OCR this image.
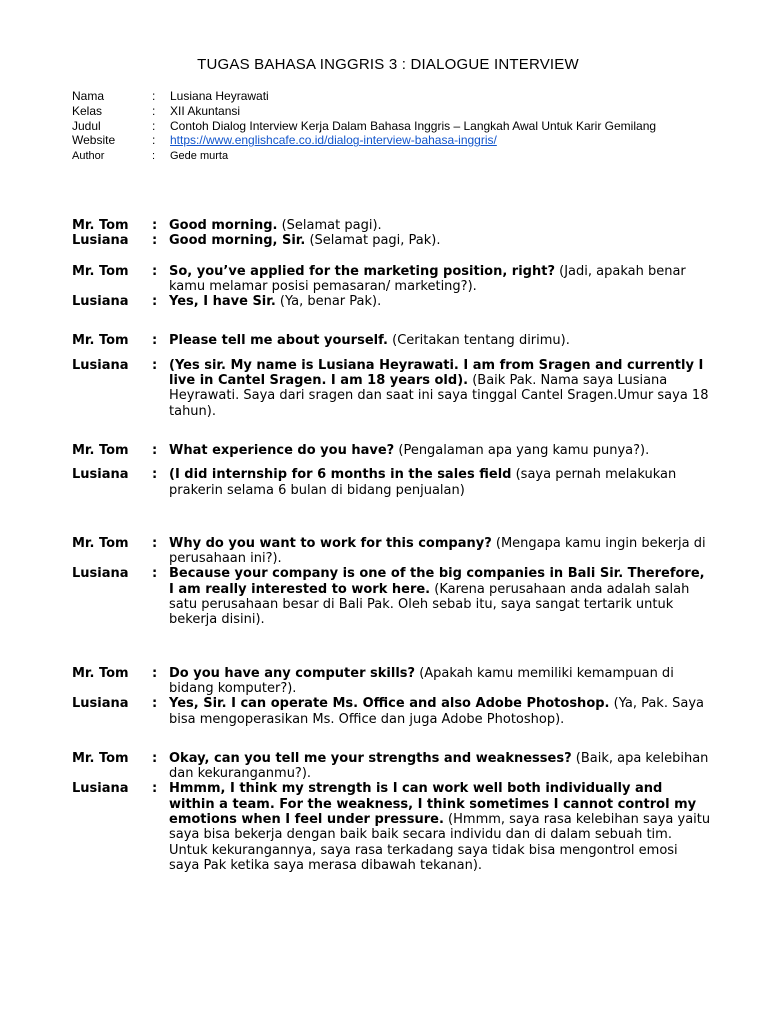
TUGAS BAHASA INGGRIS 3 : DIALOGUE INTERVIEW
Nama	:	Lusiana Heyrawati
Kelas	:	XII Akuntansi
Judul	:	Contoh Dialog Interview Kerja Dalam Bahasa Inggris – Langkah Awal Untuk Karir Gemilang
Website	:	https://www.englishcafe.co.id/dialog-interview-bahasa-inggris/
Author	:	Gede murta
Mr. Tom	: Good morning. (Selamat pagi).
Lusiana	: Good morning, Sir. (Selamat pagi, Pak).
Mr. Tom	: So, you’ve applied for the marketing position, right? (Jadi, apakah benar kamu melamar posisi pemasaran/ marketing?).
Lusiana	: Yes, I have Sir. (Ya, benar Pak).
Mr. Tom	: Please tell me about yourself. (Ceritakan tentang dirimu).
Lusiana	: (Yes sir. My name is Lusiana Heyrawati. I am from Sragen and currently I live in Cantel Sragen. I am 18 years old). (Baik Pak. Nama saya Lusiana Heyrawati. Saya dari sragen dan saat ini saya tinggal Cantel Sragen.Umur saya 18 tahun).
Mr. Tom	: What experience do you have? (Pengalaman apa yang kamu punya?).
Lusiana	: (I did internship for 6 months in the sales field (saya pernah melakukan prakerin selama 6 bulan di bidang penjualan)
Mr. Tom	: Why do you want to work for this company? (Mengapa kamu ingin bekerja di perusahaan ini?).
Lusiana	: Because your company is one of the big companies in Bali Sir. Therefore, I am really interested to work here. (Karena perusahaan anda adalah salah satu perusahaan besar di Bali Pak. Oleh sebab itu, saya sangat tertarik untuk bekerja disini).
Mr. Tom	: Do you have any computer skills? (Apakah kamu memiliki kemampuan di bidang komputer?).
Lusiana	: Yes, Sir. I can operate Ms. Office and also Adobe Photoshop. (Ya, Pak. Saya bisa mengoperasikan Ms. Office dan juga Adobe Photoshop).
Mr. Tom	: Okay, can you tell me your strengths and weaknesses? (Baik, apa kelebihan dan kekuranganmu?).
Lusiana	: Hmmm, I think my strength is I can work well both individually and within a team. For the weakness, I think sometimes I cannot control my emotions when I feel under pressure. (Hmmm, saya rasa kelebihan saya yaitu saya bisa bekerja dengan baik baik secara individu dan di dalam sebuah tim. Untuk kekurangannya, saya rasa terkadang saya tidak bisa mengontrol emosi saya Pak ketika saya merasa dibawah tekanan).
